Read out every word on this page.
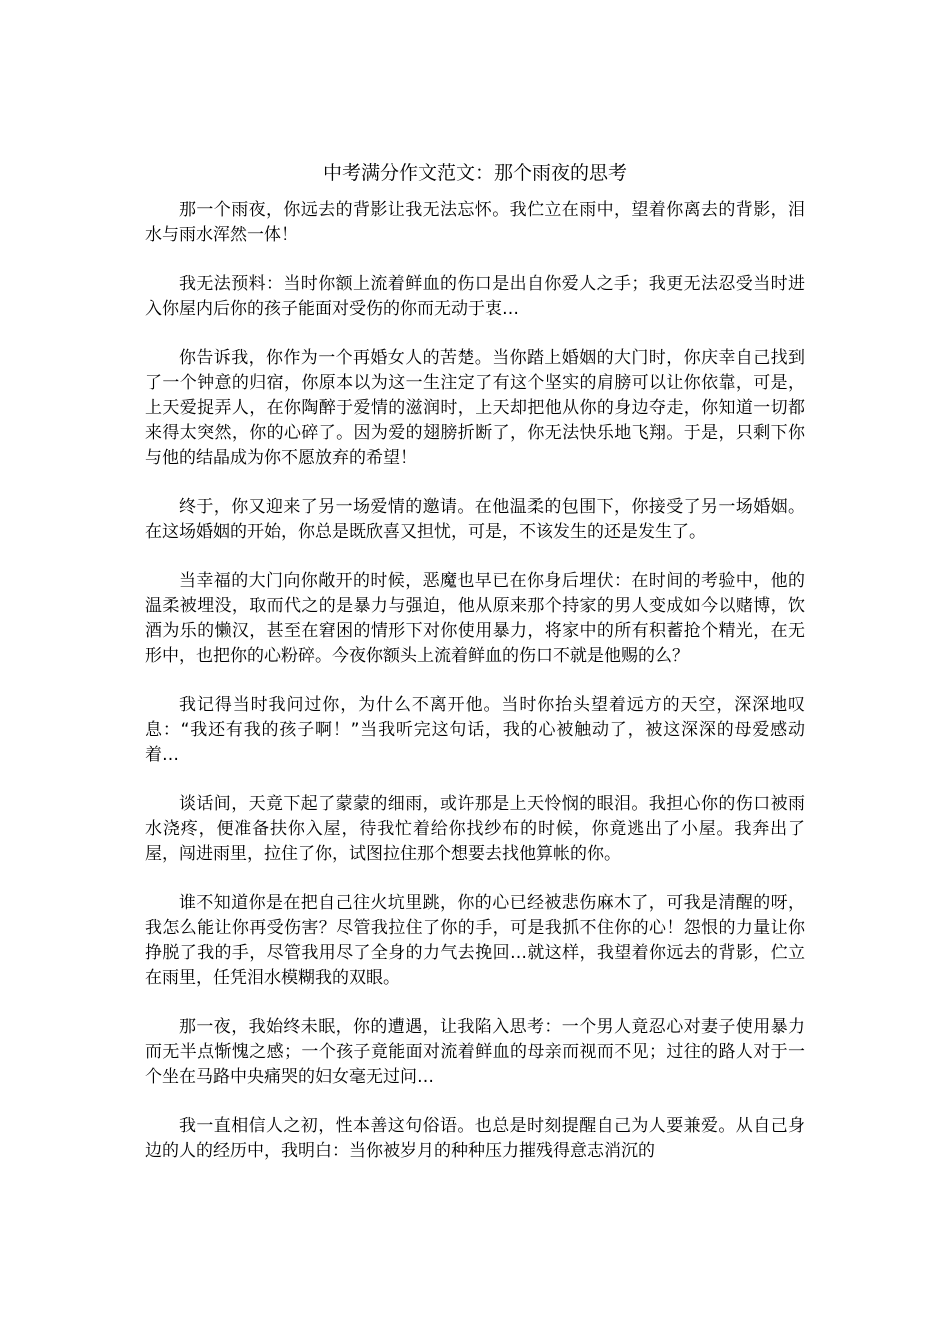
中考满分作文范文：那个雨夜的思考

那一个雨夜，你远去的背影让我无法忘怀。我伫立在雨中，望着你离去的背影，泪水与雨水浑然一体！

我无法预料：当时你额上流着鲜血的伤口是出自你爱人之手；我更无法忍受当时进入你屋内后你的孩子能面对受伤的你而无动于衷…

你告诉我，你作为一个再婚女人的苦楚。当你踏上婚姻的大门时，你庆幸自己找到了一个钟意的归宿，你原本以为这一生注定了有这个坚实的肩膀可以让你依靠，可是，上天爱捉弄人，在你陶醉于爱情的滋润时，上天却把他从你的身边夺走，你知道一切都来得太突然，你的心碎了。因为爱的翅膀折断了，你无法快乐地飞翔。于是，只剩下你与他的结晶成为你不愿放弃的希望！

终于，你又迎来了另一场爱情的邀请。在他温柔的包围下，你接受了另一场婚姻。在这场婚姻的开始，你总是既欣喜又担忧，可是，不该发生的还是发生了。

当幸福的大门向你敞开的时候，恶魔也早已在你身后埋伏：在时间的考验中，他的温柔被埋没，取而代之的是暴力与强迫，他从原来那个持家的男人变成如今以赌博，饮酒为乐的懒汉，甚至在窘困的情形下对你使用暴力，将家中的所有积蓄抢个精光，在无形中，也把你的心粉碎。今夜你额头上流着鲜血的伤口不就是他赐的么？

我记得当时我问过你，为什么不离开他。当时你抬头望着远方的天空，深深地叹息：“我还有我的孩子啊！”当我听完这句话，我的心被触动了，被这深深的母爱感动着…

谈话间，天竟下起了蒙蒙的细雨，或许那是上天怜悯的眼泪。我担心你的伤口被雨水浇疼，便准备扶你入屋，待我忙着给你找纱布的时候，你竟逃出了小屋。我奔出了屋，闯进雨里，拉住了你，试图拉住那个想要去找他算帐的你。

谁不知道你是在把自己往火坑里跳，你的心已经被悲伤麻木了，可我是清醒的呀，我怎么能让你再受伤害？尽管我拉住了你的手，可是我抓不住你的心！怨恨的力量让你挣脱了我的手，尽管我用尽了全身的力气去挽回…就这样，我望着你远去的背影，伫立在雨里，任凭泪水模糊我的双眼。

那一夜，我始终未眠，你的遭遇，让我陷入思考：一个男人竟忍心对妻子使用暴力而无半点惭愧之感；一个孩子竟能面对流着鲜血的母亲而视而不见；过往的路人对于一个坐在马路中央痛哭的妇女毫无过问…

我一直相信人之初，性本善这句俗语。也总是时刻提醒自己为人要兼爱。从自己身边的人的经历中，我明白：当你被岁月的种种压力摧残得意志消沉的
